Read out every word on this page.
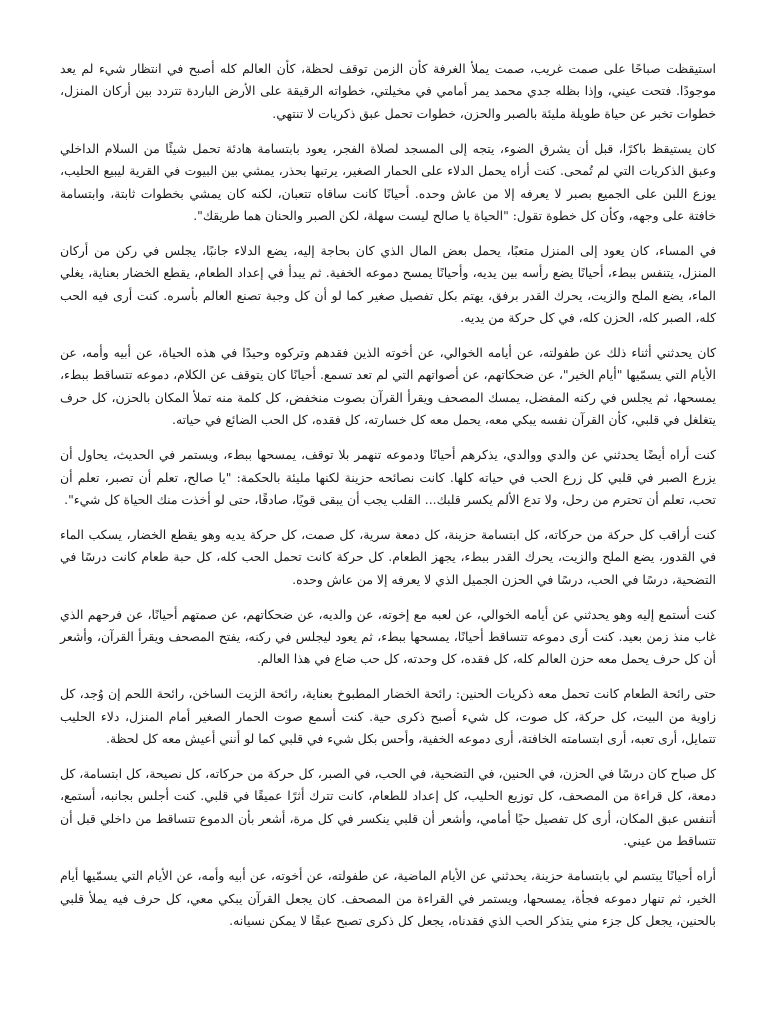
استيقظت صباحًا على صمت غريب، صمت يملأ الغرفة كأن الزمن توقف لحظة، كأن العالم كله أصبح في انتظار شيء لم يعد موجودًا. فتحت عيني، وإذا بظله جدي محمد يمر أمامي في مخيلتي، خطواته الرقيقة على الأرض الباردة تتردد بين أركان المنزل، خطوات تخبر عن حياة طويلة مليئة بالصبر والحزن، خطوات تحمل عبق ذكريات لا تنتهي.

كان يستيقظ باكرًا، قبل أن يشرق الضوء، يتجه إلى المسجد لصلاة الفجر، يعود بابتسامة هادئة تحمل شيئًا من السلام الداخلي وعبق الذكريات التي لم تُمحى. كنت أراه يحمل الدلاء على الحمار الصغير، يرتبها بحذر، يمشي بين البيوت في القرية ليبيع الحليب، يوزع اللبن على الجميع بصبر لا يعرفه إلا من عاش وحده. أحيانًا كانت ساقاه تتعبان، لكنه كان يمشي بخطوات ثابتة، وابتسامة خافتة على وجهه، وكأن كل خطوة تقول: "الحياة يا صالح ليست سهلة، لكن الصبر والحنان هما طريقك".

في المساء، كان يعود إلى المنزل متعبًا، يحمل بعض المال الذي كان بحاجة إليه، يضع الدلاء جانبًا، يجلس في ركن من أركان المنزل، يتنفس ببطء، أحيانًا يضع رأسه بين يديه، وأحيانًا يمسح دموعه الخفية. ثم يبدأ في إعداد الطعام، يقطع الخضار بعناية، يغلي الماء، يضع الملح والزيت، يحرك القدر برفق، يهتم بكل تفصيل صغير كما لو أن كل وجبة تصنع العالم بأسره. كنت أرى فيه الحب كله، الصبر كله، الحزن كله، في كل حركة من يديه.

كان يحدثني أثناء ذلك عن طفولته، عن أيامه الخوالي، عن أخوته الذين فقدهم وتركوه وحيدًا في هذه الحياة، عن أبيه وأمه، عن الأيام التي يسمّيها "أيام الخير"، عن ضحكاتهم، عن أصواتهم التي لم تعد تسمع. أحيانًا كان يتوقف عن الكلام، دموعه تتساقط ببطء، يمسحها، ثم يجلس في ركنه المفضل، يمسك المصحف ويقرأ القرآن بصوت منخفض، كل كلمة منه تملأ المكان بالحزن، كل حرف يتغلغل في قلبي، كأن القرآن نفسه يبكي معه، يحمل معه كل خسارته، كل فقده، كل الحب الضائع في حياته.

كنت أراه أيضًا يحدثني عن والدي ووالدي، يذكرهم أحيانًا ودموعه تنهمر بلا توقف، يمسحها ببطء، ويستمر في الحديث، يحاول أن يزرع الصبر في قلبي كل زرع الحب في حياته كلها. كانت نصائحه حزينة لكنها مليئة بالحكمة: "يا صالح، تعلم أن تصبر، تعلم أن تحب، تعلم أن تحترم من رحل، ولا تدع الألم يكسر قلبك... القلب يجب أن يبقى قويًا، صادقًا، حتى لو أخذت منك الحياة كل شيء".

كنت أراقب كل حركة من حركاته، كل ابتسامة حزينة، كل دمعة سرية، كل صمت، كل حركة يديه وهو يقطع الخضار، يسكب الماء في القدور، يضع الملح والزيت، يحرك القدر ببطء، يجهز الطعام. كل حركة كانت تحمل الحب كله، كل حبة طعام كانت درسًا في التضحية، درسًا في الحب، درسًا في الحزن الجميل الذي لا يعرفه إلا من عاش وحده.

كنت أستمع إليه وهو يحدثني عن أيامه الخوالي، عن لعبه مع إخوته، عن والديه، عن ضحكاتهم، عن صمتهم أحيانًا، عن فرحهم الذي غاب منذ زمن بعيد. كنت أرى دموعه تتساقط أحيانًا، يمسحها ببطء، ثم يعود ليجلس في ركنه، يفتح المصحف ويقرأ القرآن، وأشعر أن كل حرف يحمل معه حزن العالم كله، كل فقده، كل وحدته، كل حب ضاع في هذا العالم.

حتى رائحة الطعام كانت تحمل معه ذكريات الحنين: رائحة الخضار المطبوخ بعناية، رائحة الزيت الساخن، رائحة اللحم إن وُجد، كل زاوية من البيت، كل حركة، كل صوت، كل شيء أصبح ذكرى حية. كنت أسمع صوت الحمار الصغير أمام المنزل، دلاء الحليب تتمايل، أرى تعبه، أرى ابتسامته الخافتة، أرى دموعه الخفية، وأحس بكل شيء في قلبي كما لو أنني أعيش معه كل لحظة.

كل صباح كان درسًا في الحزن، في الحنين، في التضحية، في الحب، في الصبر، كل حركة من حركاته، كل نصيحة، كل ابتسامة، كل دمعة، كل قراءة من المصحف، كل توزيع الحليب، كل إعداد للطعام، كانت تترك أثرًا عميقًا في قلبي. كنت أجلس بجانبه، أستمع، أتنفس عبق المكان، أرى كل تفصيل حيًا أمامي، وأشعر أن قلبي ينكسر في كل مرة، أشعر بأن الدموع تتساقط من داخلي قبل أن تتساقط من عيني.

أراه أحيانًا يبتسم لي بابتسامة حزينة، يحدثني عن الأيام الماضية، عن طفولته، عن أخوته، عن أبيه وأمه، عن الأيام التي يسمّيها أيام الخير، ثم تنهار دموعه فجأة، يمسحها، ويستمر في القراءة من المصحف. كان يجعل القرآن يبكي معي، كل حرف فيه يملأ قلبي بالحنين، يجعل كل جزء مني يتذكر الحب الذي فقدناه، يجعل كل ذكرى تصبح عبقًا لا يمكن نسيانه.
